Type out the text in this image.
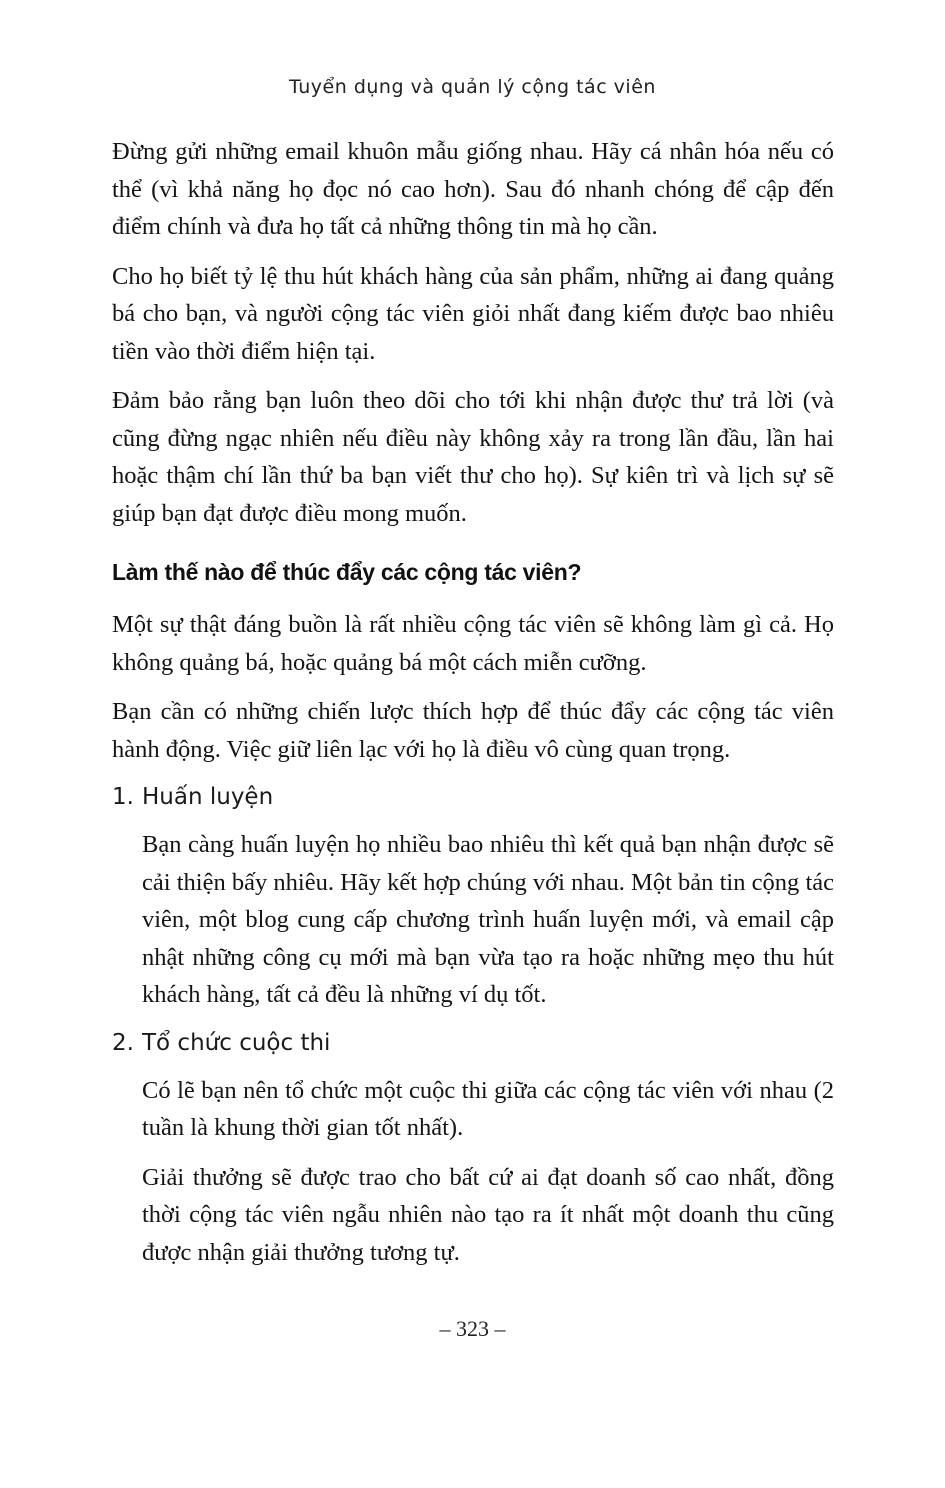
Tuyển dụng và quản lý cộng tác viên

Đừng gửi những email khuôn mẫu giống nhau. Hãy cá nhân hóa nếu có thể (vì khả năng họ đọc nó cao hơn). Sau đó nhanh chóng để cập đến điểm chính và đưa họ tất cả những thông tin mà họ cần.

Cho họ biết tỷ lệ thu hút khách hàng của sản phẩm, những ai đang quảng bá cho bạn, và người cộng tác viên giỏi nhất đang kiếm được bao nhiêu tiền vào thời điểm hiện tại.

Đảm bảo rằng bạn luôn theo dõi cho tới khi nhận được thư trả lời (và cũng đừng ngạc nhiên nếu điều này không xảy ra trong lần đầu, lần hai hoặc thậm chí lần thứ ba bạn viết thư cho họ). Sự kiên trì và lịch sự sẽ giúp bạn đạt được điều mong muốn.

Làm thế nào để thúc đẩy các cộng tác viên?

Một sự thật đáng buồn là rất nhiều cộng tác viên sẽ không làm gì cả. Họ không quảng bá, hoặc quảng bá một cách miễn cưỡng.

Bạn cần có những chiến lược thích hợp để thúc đẩy các cộng tác viên hành động. Việc giữ liên lạc với họ là điều vô cùng quan trọng.

1. Huấn luyện

Bạn càng huấn luyện họ nhiều bao nhiêu thì kết quả bạn nhận được sẽ cải thiện bấy nhiêu. Hãy kết hợp chúng với nhau. Một bản tin cộng tác viên, một blog cung cấp chương trình huấn luyện mới, và email cập nhật những công cụ mới mà bạn vừa tạo ra hoặc những mẹo thu hút khách hàng, tất cả đều là những ví dụ tốt.

2. Tổ chức cuộc thi

Có lẽ bạn nên tổ chức một cuộc thi giữa các cộng tác viên với nhau (2 tuần là khung thời gian tốt nhất).

Giải thưởng sẽ được trao cho bất cứ ai đạt doanh số cao nhất, đồng thời cộng tác viên ngẫu nhiên nào tạo ra ít nhất một doanh thu cũng được nhận giải thưởng tương tự.

– 323 –
